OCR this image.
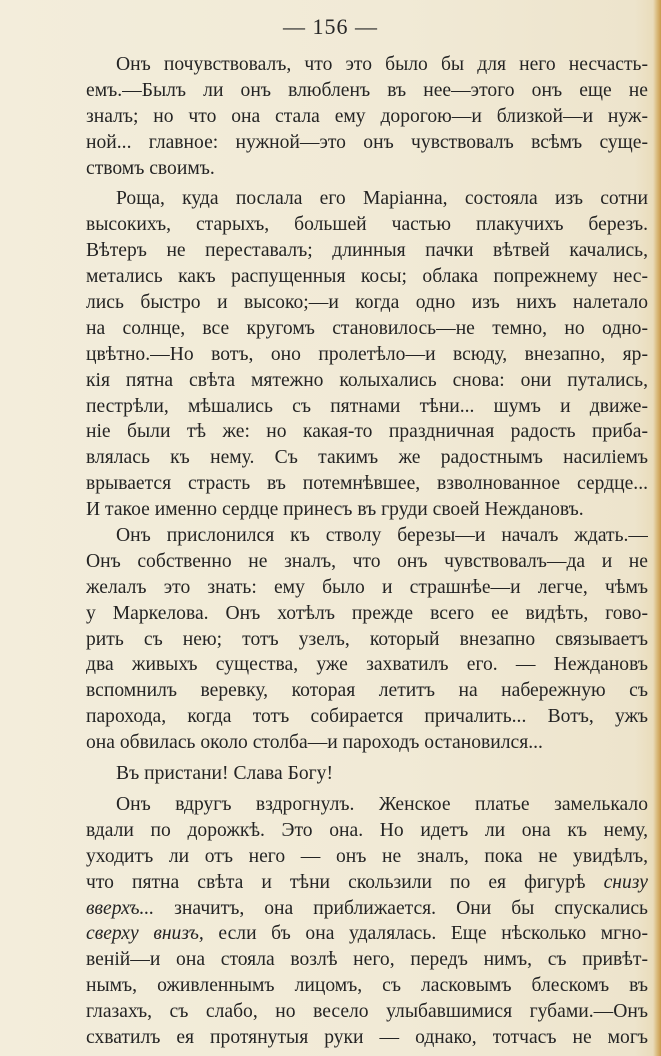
— 156 —

Онъ почувствовалъ, что это было бы для него несчасть-
емъ.—Былъ ли онъ влюбленъ въ нее—этого онъ еще не
зналъ; но что она стала ему дорогою—и близкой—и нуж-
ной... главное: нужной—это онъ чувствовалъ всѣмъ суще-
ствомъ своимъ.
Роща, куда послала его Маріанна, состояла изъ сотни
высокихъ, старыхъ, большей частью плакучихъ березъ.
Вѣтеръ не переставалъ; длинныя пачки вѣтвей качались,
метались какъ распущенныя косы; облака попрежнему нес-
лись быстро и высоко;—и когда одно изъ нихъ налетало
на солнце, все кругомъ становилось—не темно, но одно-
цвѣтно.—Но вотъ, оно пролетѣло—и всюду, внезапно, яр-
кія пятна свѣта мятежно колыхались снова: они путались,
пестрѣли, мѣшались съ пятнами тѣни... шумъ и движе-
ніе были тѣ же: но какая-то праздничная радость приба-
влялась къ нему. Съ такимъ же радостнымъ насиліемъ
врывается страсть въ потемнѣвшее, взволнованное сердце...
И такое именно сердце принесъ въ груди своей Неждановъ.
Онъ прислонился къ стволу березы—и началъ ждать.—
Онъ собственно не зналъ, что онъ чувствовалъ—да и не
желалъ это знать: ему было и страшнѣе—и легче, чѣмъ
у Маркелова. Онъ хотѣлъ прежде всего ее видѣть, гово-
рить съ нею; тотъ узелъ, который внезапно связываетъ
два живыхъ существа, уже захватилъ его. — Неждановъ
вспомнилъ веревку, которая летитъ на набережную съ
парохода, когда тотъ собирается причалить... Вотъ, ужъ
она обвилась около столба—и пароходъ остановился...
Въ пристани! Слава Богу!
Онъ вдругъ вздрогнулъ. Женское платье замелькало
вдали по дорожкѣ. Это она. Но идетъ ли она къ нему,
уходитъ ли отъ него — онъ не зналъ, пока не увидѣлъ,
что пятна свѣта и тѣни скользили по ея фигурѣ снизу
вверхъ... значитъ, она приближается. Они бы спускались
сверху внизъ, если бъ она удалялась. Еще нѣсколько мгно-
веній—и она стояла возлѣ него, передъ нимъ, съ привѣт-
нымъ, оживленнымъ лицомъ, съ ласковымъ блескомъ въ
глазахъ, съ слабо, но весело улыбавшимися губами.—Онъ
схватилъ ея протянутыя руки — однако, тотчасъ не могъ
